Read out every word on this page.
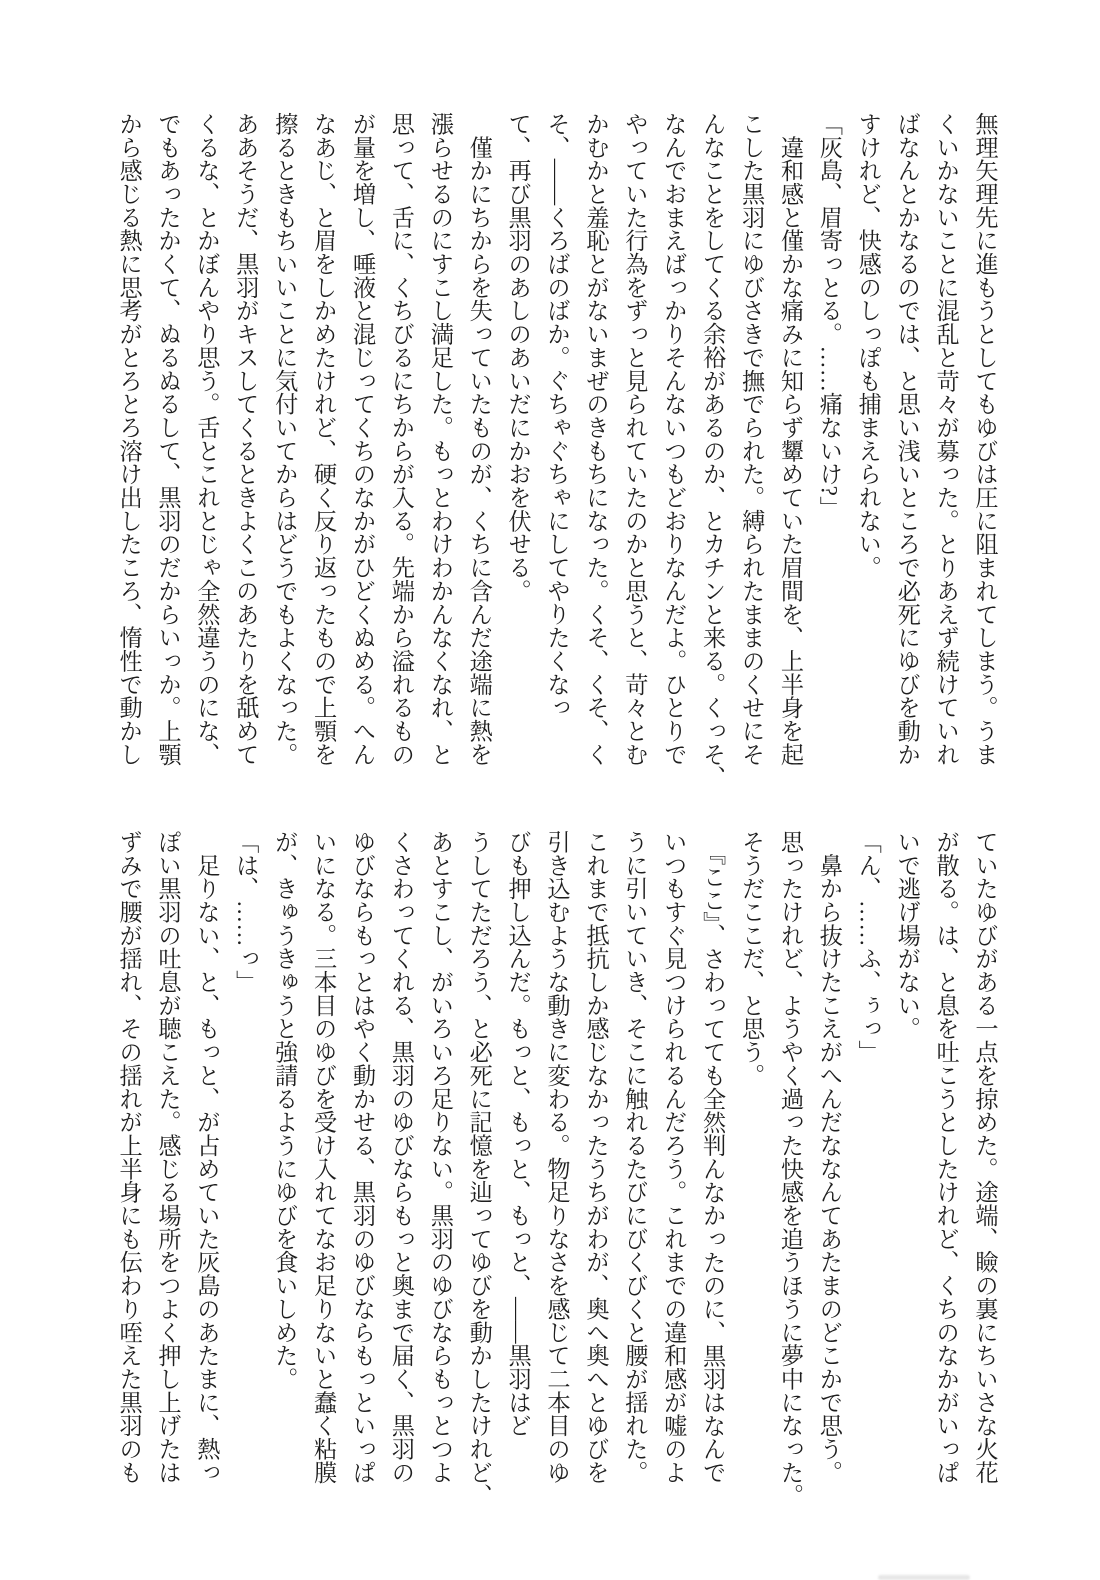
無理矢理先に進もうとしてもゆびは圧に阻まれてしまう。うま

くいかないことに混乱と苛々が募った。とりあえず続けていれ

ばなんとかなるのでは、と思い浅いところで必死にゆびを動か

すけれど、快感のしっぽも捕まえられない。

「灰島、眉寄っとる。……痛ないけ?」

　違和感と僅かな痛みに知らず顰めていた眉間を、上半身を起

こした黒羽にゆびさきで撫でられた。縛られたままのくせにそ

んなことをしてくる余裕があるのか、とカチンと来る。くっそ、

なんでおまえばっかりそんないつもどおりなんだよ。ひとりで

やっていた行為をずっと見られていたのかと思うと、苛々とむ

かむかと羞恥とがないまぜのきもちになった。くそ、くそ、く

そ、――くろばのばか。ぐちゃぐちゃにしてやりたくなっ

て、再び黒羽のあしのあいだにかおを伏せる。

　僅かにちからを失っていたものが、くちに含んだ途端に熱を

漲らせるのにすこし満足した。もっとわけわかんなくなれ、と

思って、舌に、くちびるにちからが入る。先端から溢れるもの

が量を増し、唾液と混じってくちのなかがひどくぬめる。へん

なあじ、と眉をしかめたけれど、硬く反り返ったもので上顎を

擦るときもちいいことに気付いてからはどうでもよくなった。

ああそうだ、黒羽がキスしてくるときよくこのあたりを舐めて

くるな、とかぼんやり思う。舌とこれとじゃ全然違うのにな、

でもあったかくて、ぬるぬるして、黒羽のだからいっか。上顎

から感じる熱に思考がとろとろ溶け出したころ、惰性で動かし

ていたゆびがある一点を掠めた。途端、瞼の裏にちいさな火花

が散る。は、と息を吐こうとしたけれど、くちのなかがいっぱ

いで逃げ場がない。

「ん、……ふ、ぅっ」

　鼻から抜けたこえがへんだななんてあたまのどこかで思う。

思ったけれど、ようやく過った快感を追うほうに夢中になった。

そうだここだ、と思う。

　『ここ』、さわってても全然判んなかったのに、黒羽はなんで

いつもすぐ見つけられるんだろう。これまでの違和感が嘘のよ

うに引いていき、そこに触れるたびにびくびくと腰が揺れた。

これまで抵抗しか感じなかったうちがわが、奥へ奥へとゆびを

引き込むような動きに変わる。物足りなさを感じて二本目のゆ

びも押し込んだ。もっと、もっと、もっと、――黒羽はど

うしてただろう、と必死に記憶を辿ってゆびを動かしたけれど、

あとすこし、がいろいろ足りない。黒羽のゆびならもっとつよ

くさわってくれる、黒羽のゆびならもっと奥まで届く、黒羽の

ゆびならもっとはやく動かせる、黒羽のゆびならもっといっぱ

いになる。三本目のゆびを受け入れてなお足りないと蠢く粘膜

が、きゅうきゅうと強請るようにゆびを食いしめた。

「は、……っ」

　足りない、と、もっと、が占めていた灰島のあたまに、熱っ

ぽい黒羽の吐息が聴こえた。感じる場所をつよく押し上げたは

ずみで腰が揺れ、その揺れが上半身にも伝わり咥えた黒羽のも
